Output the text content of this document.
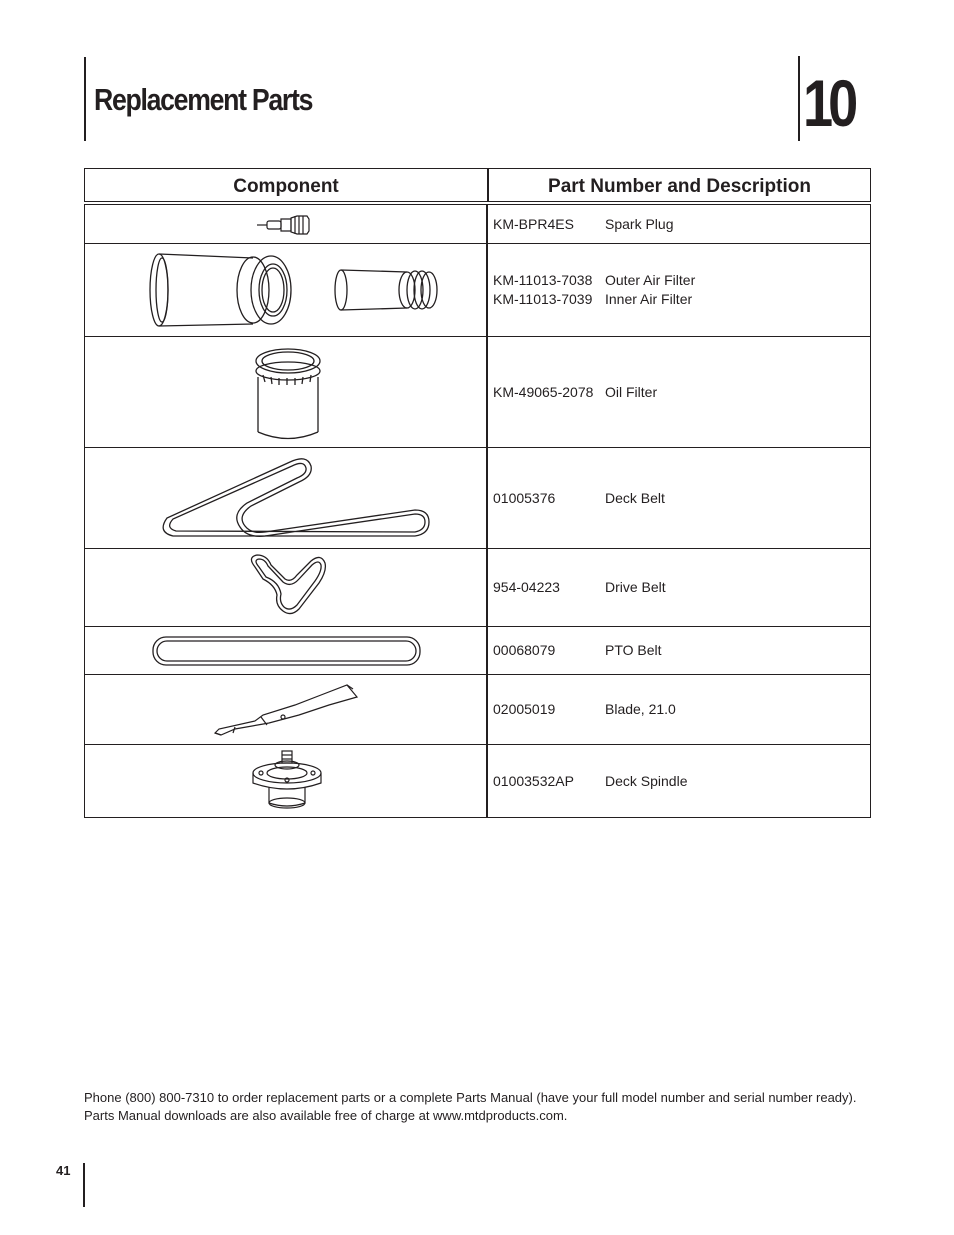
Replacement Parts	10
Component	Part Number and Description
KM-BPR4ES	Spark Plug
KM-11013-7038 Outer Air Filter
KM-11013-7039 Inner Air Filter
KM-49065-2078 Oil Filter
01005376	Deck Belt
954-04223	Drive Belt
00068079	PTO Belt
02005019	Blade, 21.0
01003532AP	Deck Spindle

Phone (800) 800-7310 to order replacement parts or a complete Parts Manual (have your full model number and serial number ready).

Parts Manual downloads are also available free of charge at www.mtdproducts.com.

41
